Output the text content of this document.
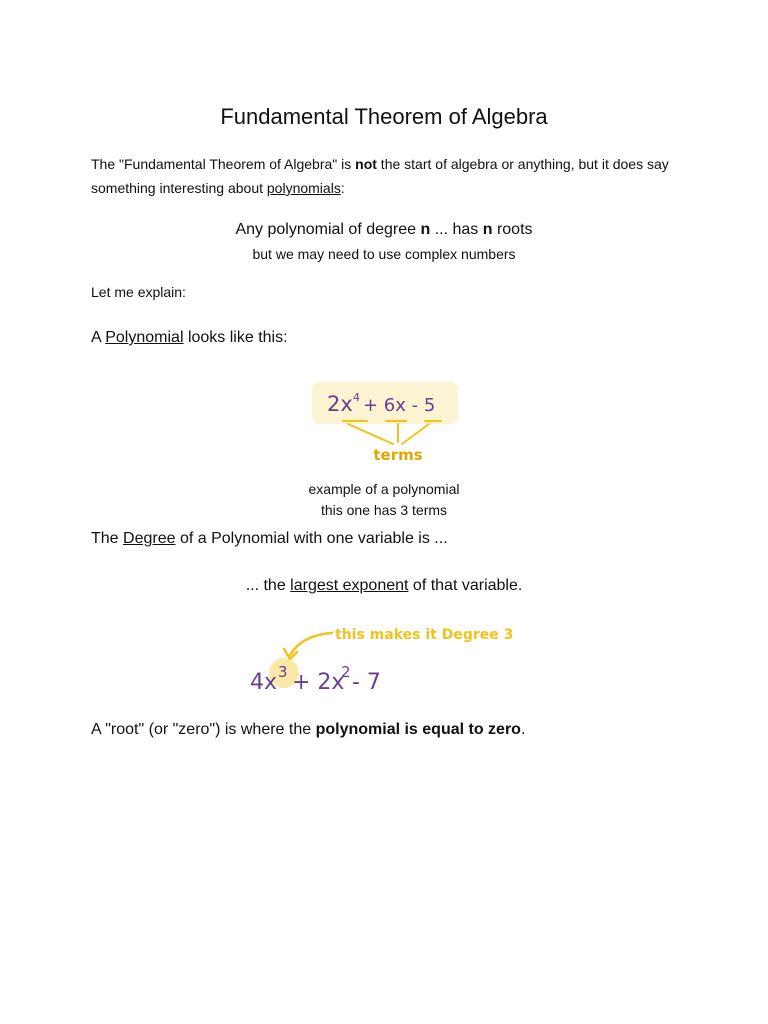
Fundamental Theorem of Algebra
The "Fundamental Theorem of Algebra" is not the start of algebra or anything, but it does say something interesting about polynomials:
Any polynomial of degree n ... has n roots
but we may need to use complex numbers
Let me explain:
A Polynomial looks like this:
2x 4 + 6x - 5
terms
example of a polynomial
this one has 3 terms
The Degree of a Polynomial with one variable is ...
... the largest exponent of that variable.
this makes it Degree 3
4x 3 + 2x
2 - 7
A "root" (or "zero") is where the polynomial is equal to zero.
